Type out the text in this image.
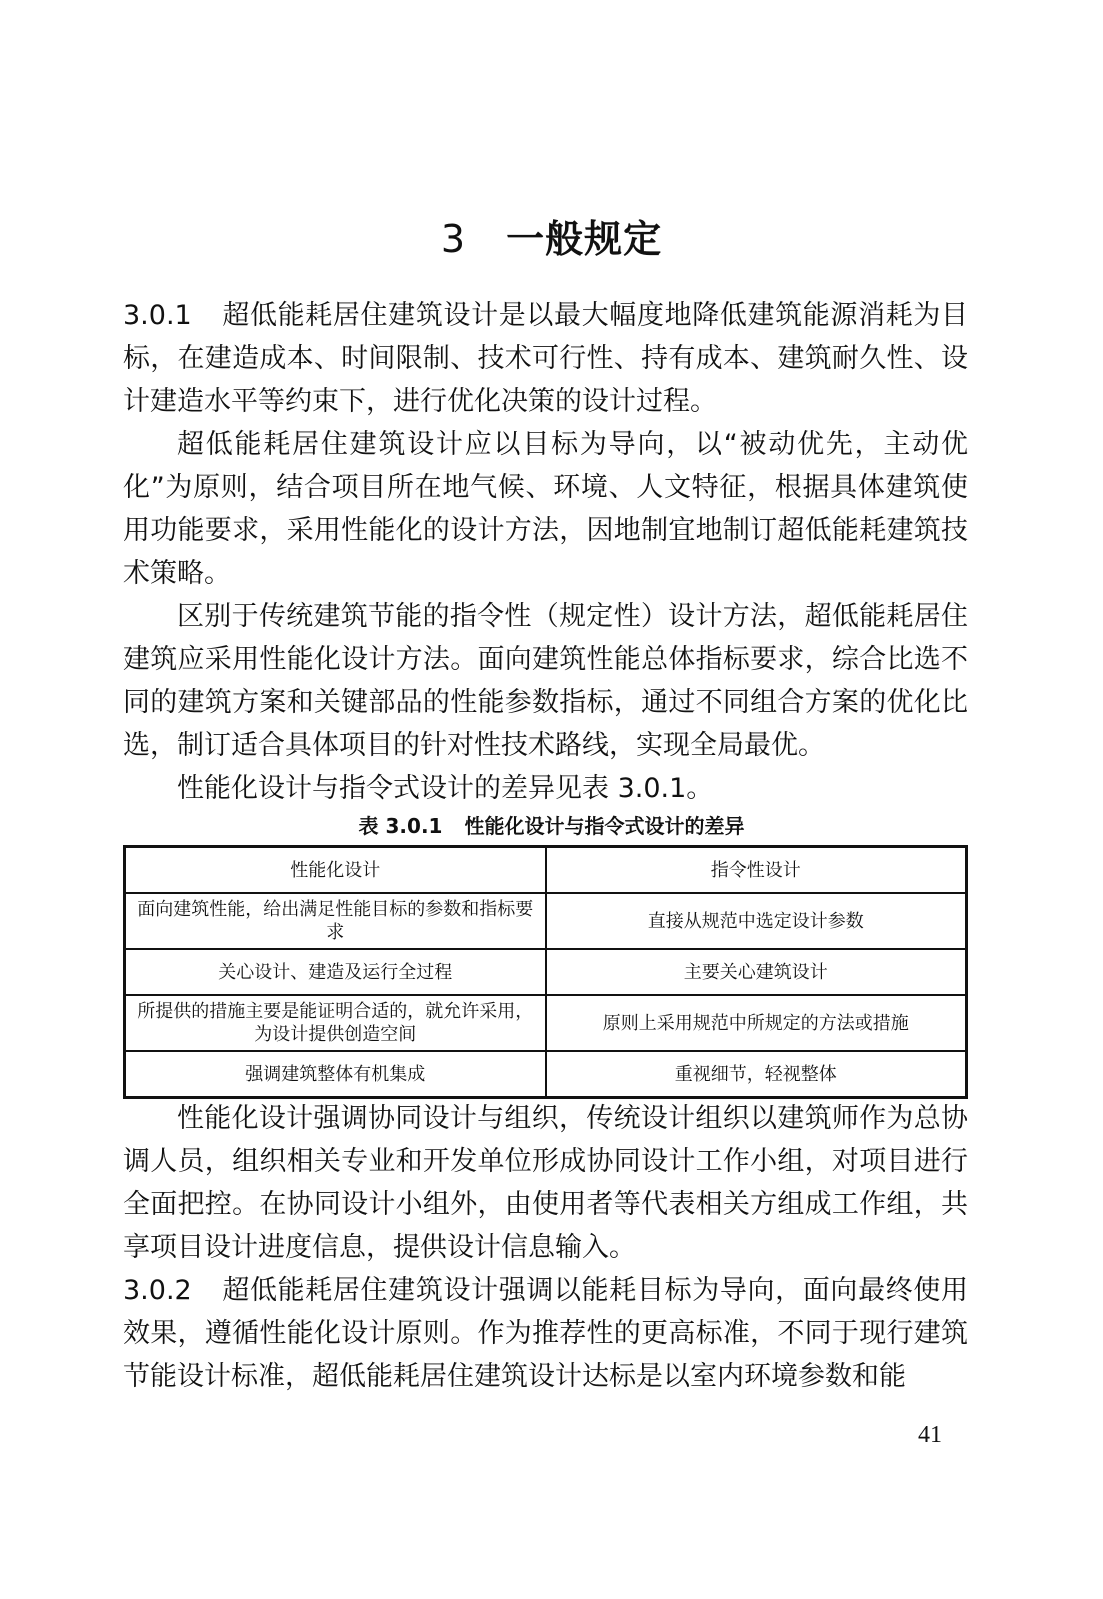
3 一般规定

3.0.1 超低能耗居住建筑设计是以最大幅度地降低建筑能源消耗为目标，在建造成本、时间限制、技术可行性、持有成本、建筑耐久性、设计建造水平等约束下，进行优化决策的设计过程。

超低能耗居住建筑设计应以目标为导向，以“被动优先，主动优化”为原则，结合项目所在地气候、环境、人文特征，根据具体建筑使用功能要求，采用性能化的设计方法，因地制宜地制订超低能耗建筑技术策略。

区别于传统建筑节能的指令性（规定性）设计方法，超低能耗居住建筑应采用性能化设计方法。面向建筑性能总体指标要求，综合比选不同的建筑方案和关键部品的性能参数指标，通过不同组合方案的优化比选，制订适合具体项目的针对性技术路线，实现全局最优。

性能化设计与指令式设计的差异见表 3.0.1。

表 3.0.1 性能化设计与指令式设计的差异

性能化设计	指令性设计
面向建筑性能，给出满足性能目标的参数和指标要求	直接从规范中选定设计参数
关心设计、建造及运行全过程	主要关心建筑设计
所提供的措施主要是能证明合适的，就允许采用，为设计提供创造空间	原则上采用规范中所规定的方法或措施
强调建筑整体有机集成	重视细节，轻视整体

性能化设计强调协同设计与组织，传统设计组织以建筑师作为总协调人员，组织相关专业和开发单位形成协同设计工作小组，对项目进行全面把控。在协同设计小组外，由使用者等代表相关方组成工作组，共享项目设计进度信息，提供设计信息输入。

3.0.2 超低能耗居住建筑设计强调以能耗目标为导向，面向最终使用效果，遵循性能化设计原则。作为推荐性的更高标准，不同于现行建筑节能设计标准，超低能耗居住建筑设计达标是以室内环境参数和能

41
